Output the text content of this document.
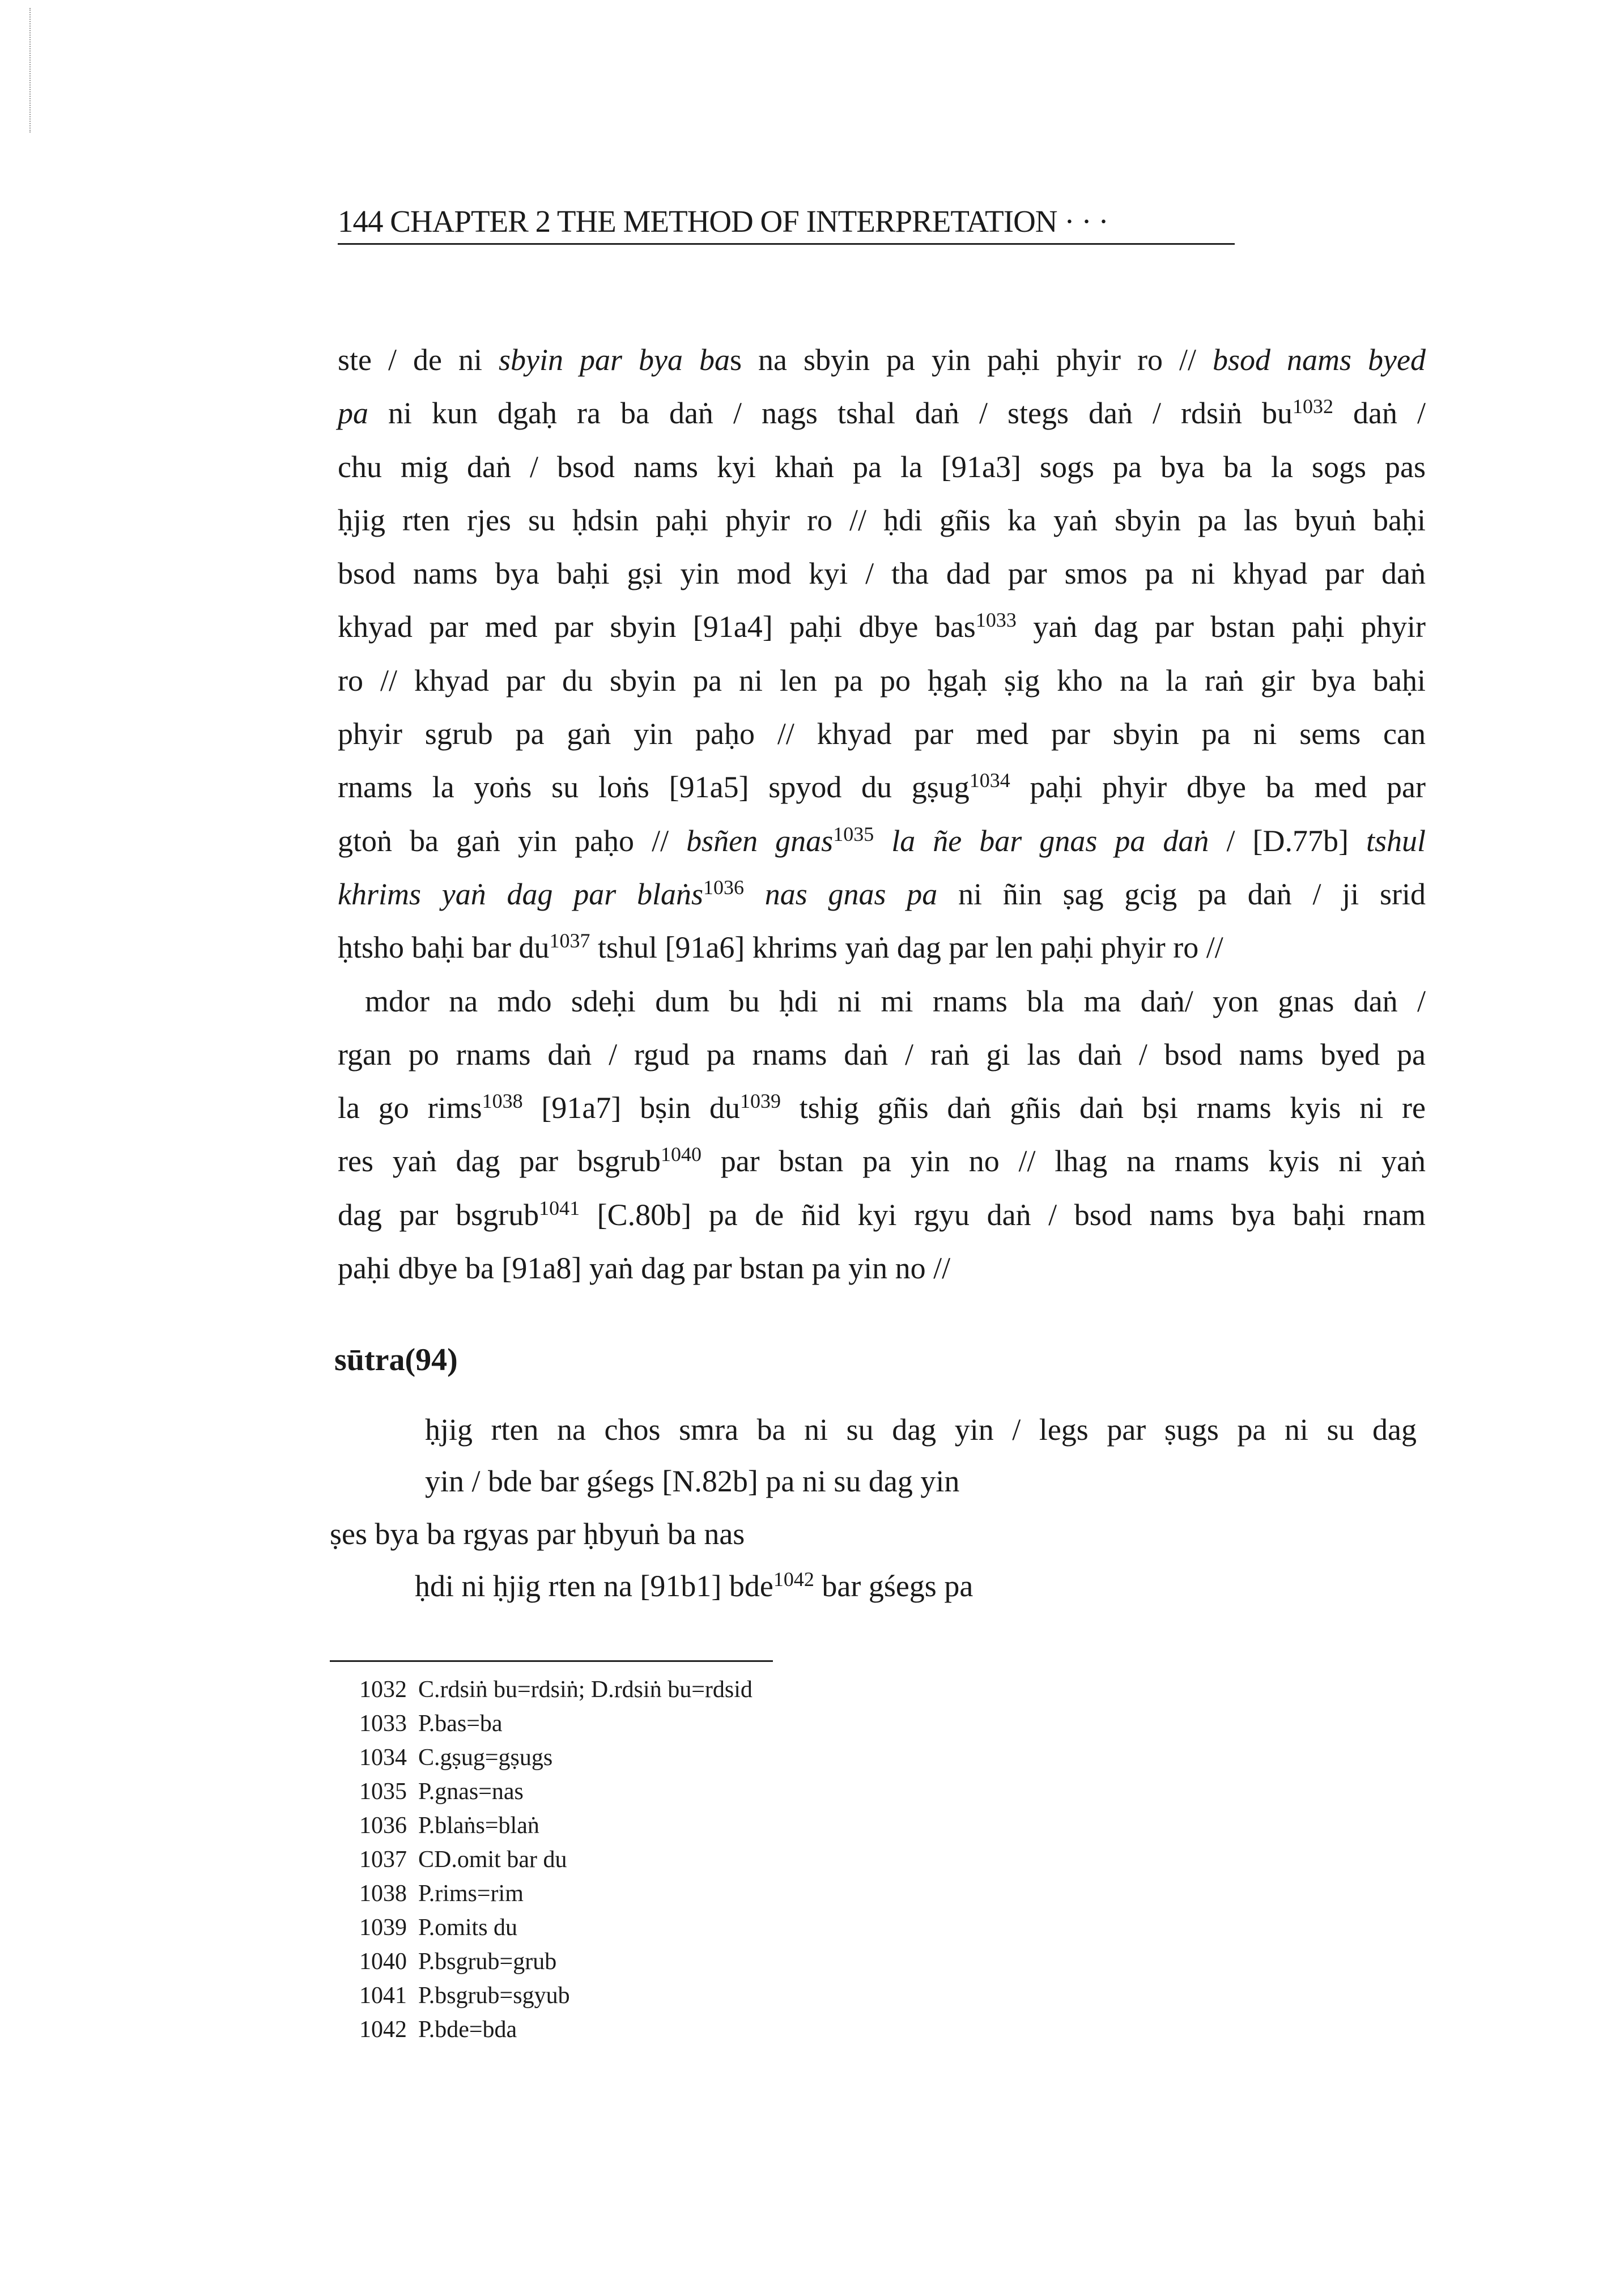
144 CHAPTER 2 THE METHOD OF INTERPRETATION · · ·
ste / de ni sbyin par bya bas na sbyin pa yin paḥi phyir ro // bsod nams byed
pa ni kun dgaḥ ra ba daṅ / nags tshal daṅ / stegs daṅ / rdsiṅ $bu^{1032}$ daṅ /
chu mig daṅ / bsod nams kyi khaṅ pa la [91a3] sogs pa bya ba la sogs pas
ḥjig rten rjes su ḥdsin paḥi phyir ro // ḥdi gñis ka yaṅ sbyin pa las byuṅ baḥi
bsod nams bya baḥi gṣi yin mod kyi / tha dad par smos pa ni khyad par daṅ
khyad par med par sbyin [91a4] paḥi dbye bas$^{1033}$ yaṅ dag par bstan paḥi phyir
ro // khyad par du sbyin pa ni len pa po ḥgaḥ ṣig kho na la raṅ gir bya baḥi
phyir sgrub pa gaṅ yin paḥo // khyad par med par sbyin pa ni sems can
rnams la yoṅs su loṅs [91a5] spyod du gṣug$^{1034}$ paḥi phyir dbye ba med par
gtoṅ ba gaṅ yin paḥo // bsñen gnas$^{1035}$ la ñe bar gnas pa daṅ / [D.77b] tshul
khrims yaṅ dag par blaṅs$^{1036}$ nas gnas pa ni ñin ṣag gcig pa daṅ / ji srid
ḥtsho baḥi bar $du^{1037}$ tshul [91a6] khrims yaṅ dag par len paḥi phyir ro //
mdor na mdo sdeḥi dum bu ḥdi ni mi rnams bla ma daṅ/ yon gnas daṅ /
rgan po rnams daṅ / rgud pa rnams daṅ / raṅ gi las daṅ / bsod nams byed pa
la go rims$^{1038}$ [91a7] bṣin $du^{1039}$ tshig gñis daṅ gñis daṅ bṣi rnams kyis ni re
res yaṅ dag par bsgrub$^{1040}$ par bstan pa yin no // lhag na rnams kyis ni yaṅ
dag par bsgrub$^{1041}$ [C.80b] pa de ñid kyi rgyu daṅ / bsod nams bya baḥi rnam
paḥi dbye ba [91a8] yaṅ dag par bstan pa yin no //
sūtra(94)
ḥjig rten na chos smra ba ni su dag yin / legs par ṣugs pa ni su dag
yin / bde bar gśegs [N.82b] pa ni su dag yin
ṣes bya ba rgyas par ḥbyuṅ ba nas
ḥdi ni ḥjig rten na [91b1] bde$^{1042}$ bar gśegs pa
1032 C.rdsiṅ bu=rdsiṅ; D.rdsiṅ bu=rdsid
1033 P.bas=ba
1034 C.gṣug=gṣugs
1035 P.gnas=nas
1036 P.blaṅs=blaṅ
1037 CD.omit bar du
1038 P.rims=rim
1039 P.omits du
1040 P.bsgrub=grub
1041 P.bsgrub=sgyub
1042 P.bde=bda
